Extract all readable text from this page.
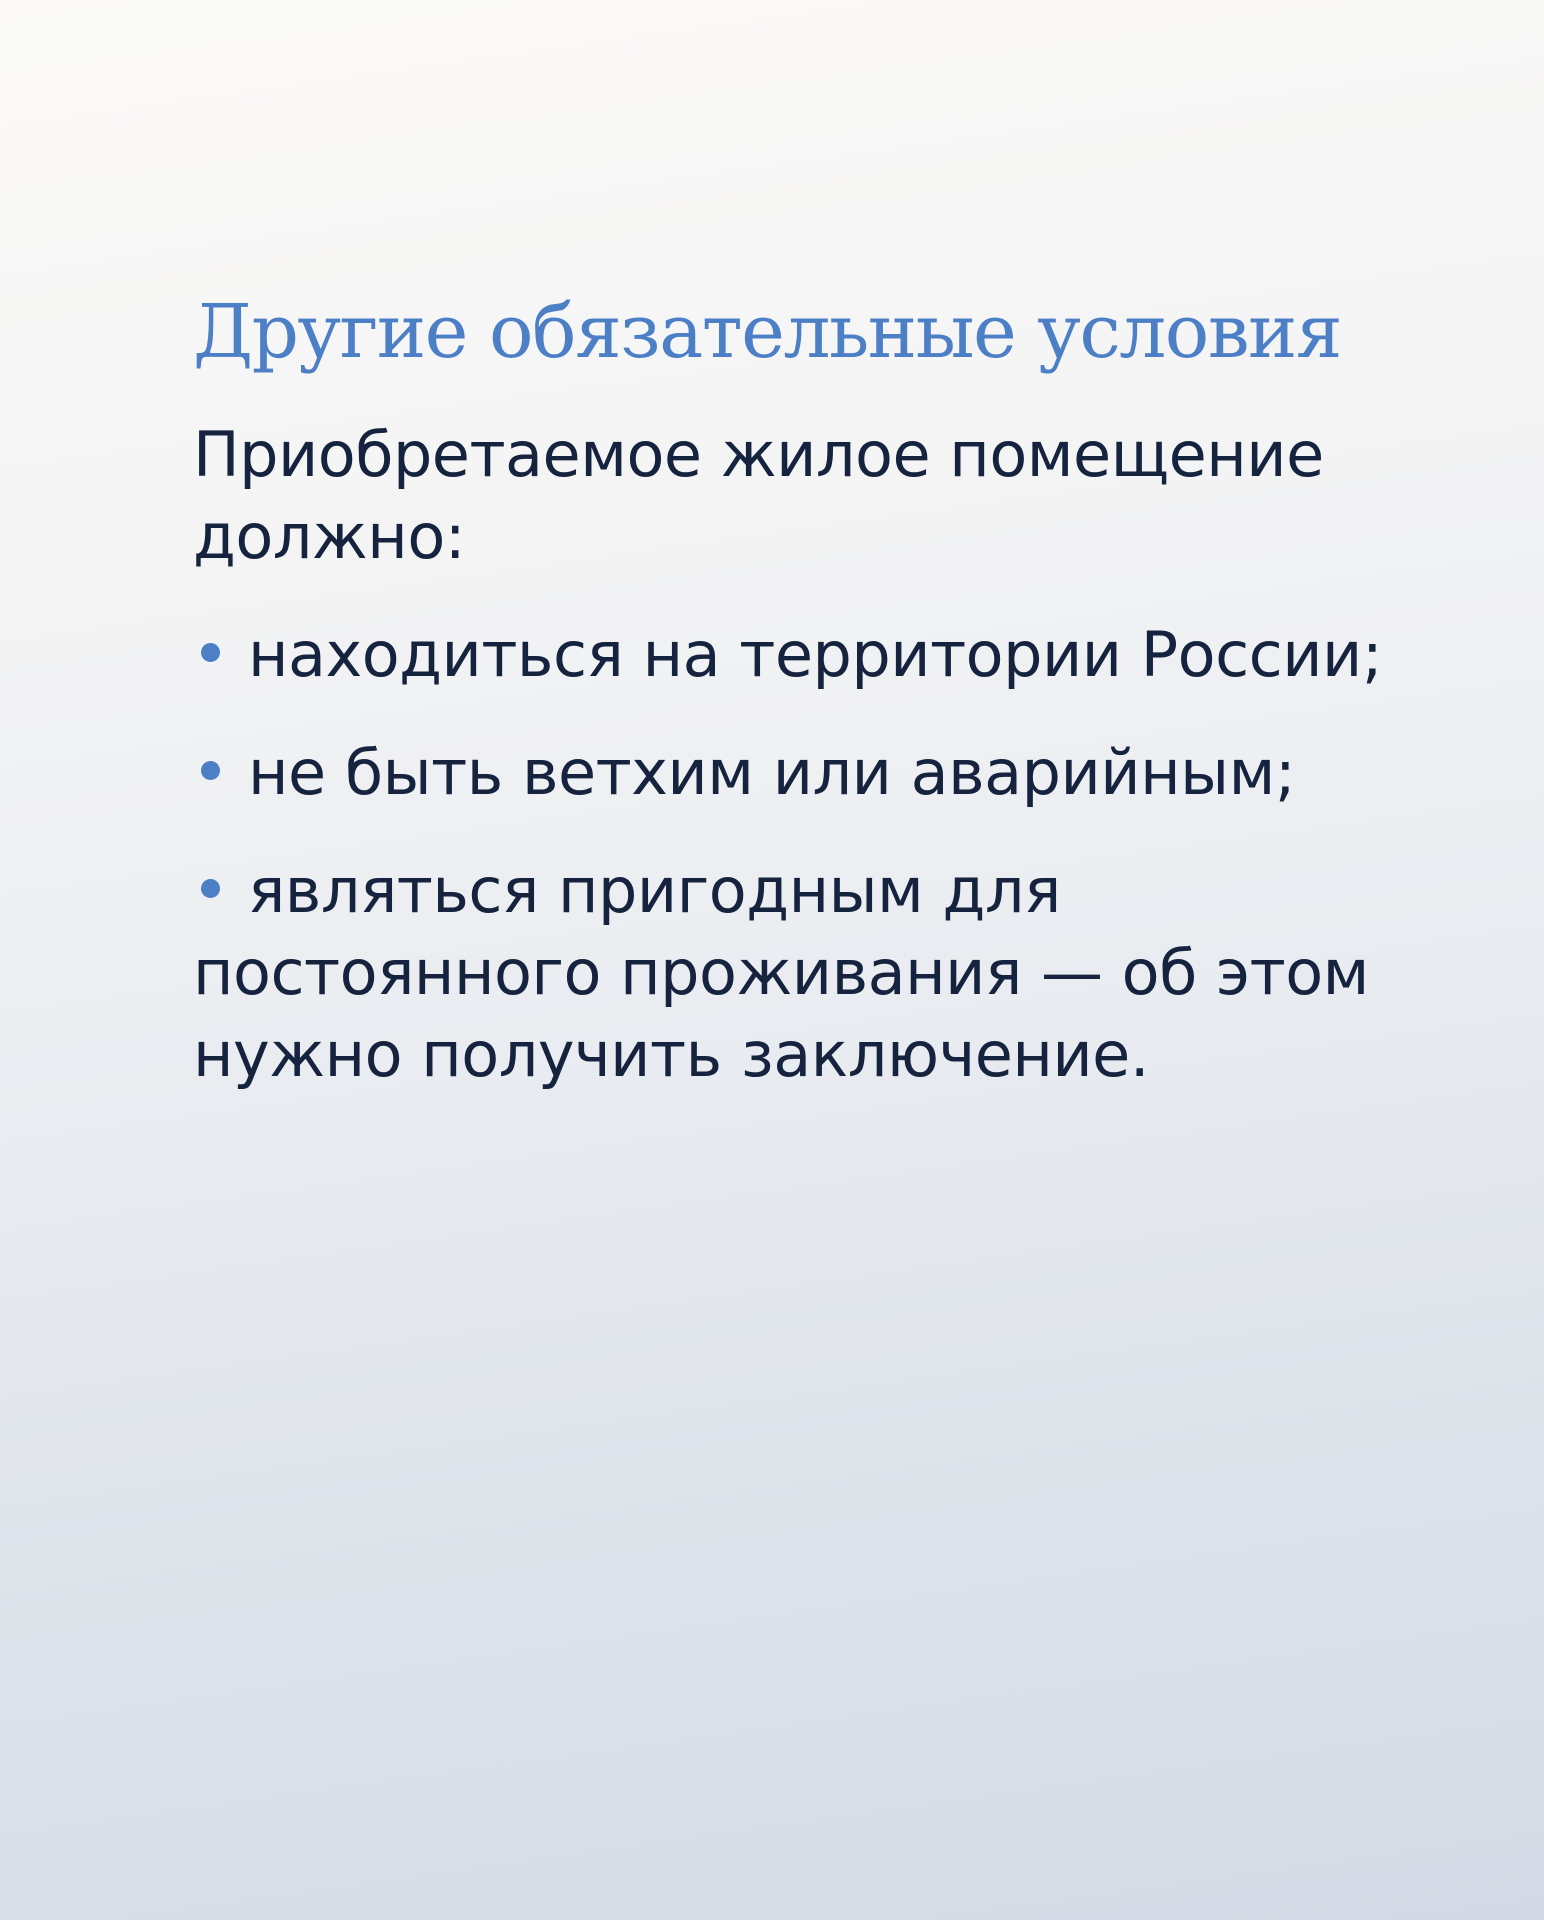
Другие обязательные условия

Приобретаемое жилое помещение должно:

находиться на территории России;
не быть ветхим или аварийным;
являться пригодным для постоянного проживания — об этом нужно получить заключение.
